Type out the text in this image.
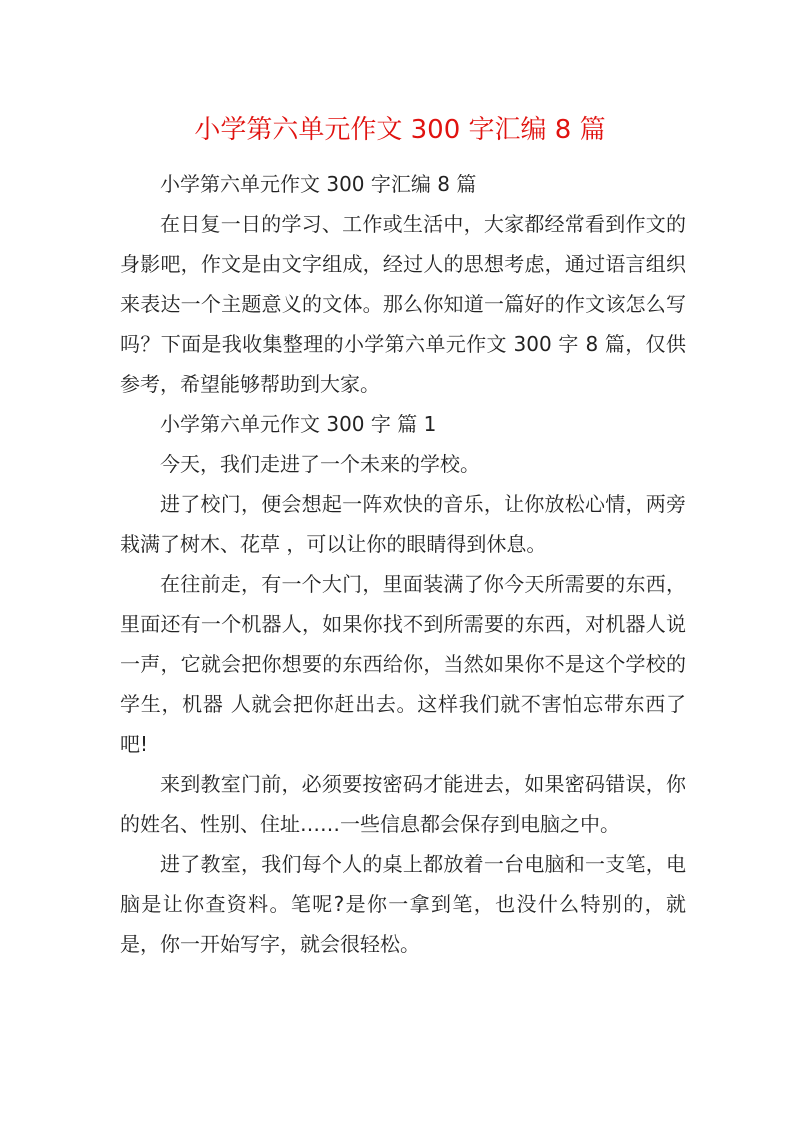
小学第六单元作文 300 字汇编 8 篇

小学第六单元作文 300 字汇编 8 篇

在日复一日的学习、工作或生活中，大家都经常看到作文的身影吧，作文是由文字组成，经过人的思想考虑，通过语言组织来表达一个主题意义的文体。那么你知道一篇好的作文该怎么写吗？下面是我收集整理的小学第六单元作文 300 字 8 篇，仅供参考，希望能够帮助到大家。

小学第六单元作文 300 字 篇 1

今天，我们走进了一个未来的学校。

进了校门，便会想起一阵欢快的音乐，让你放松心情，两旁栽满了树木、花草 ，可以让你的眼睛得到休息。

在往前走，有一个大门，里面装满了你今天所需要的东西，里面还有一个机器人，如果你找不到所需要的东西，对机器人说一声，它就会把你想要的东西给你，当然如果你不是这个学校的学生，机器 人就会把你赶出去。这样我们就不害怕忘带东西了吧!

来到教室门前，必须要按密码才能进去，如果密码错误，你的姓名、性别、住址……一些信息都会保存到电脑之中。

进了教室，我们每个人的桌上都放着一台电脑和一支笔，电脑是让你查资料。笔呢?是你一拿到笔，也没什么特别的，就是，你一开始写字，就会很轻松。
